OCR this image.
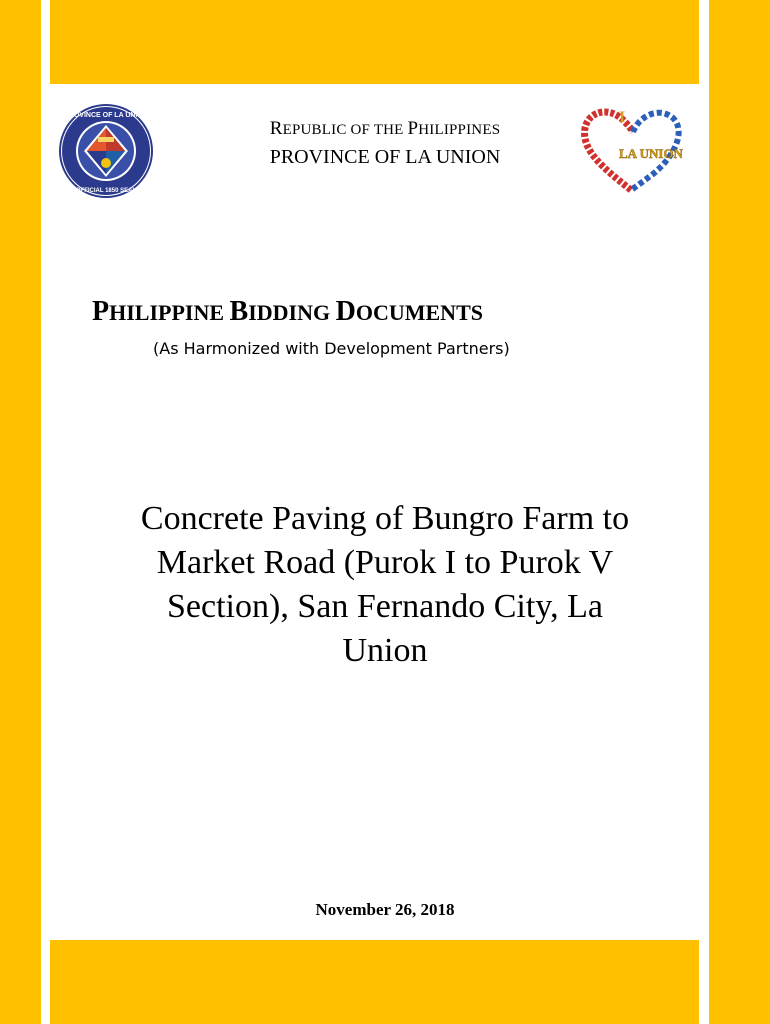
PROVINCE OF LA UNION
OFFICIAL 1850 SEAL
REPUBLIC OF THE PHILIPPINES
PROVINCE OF LA UNION
I
LA UNION
PHILIPPINE BIDDING DOCUMENTS
(As Harmonized with Development Partners)
Concrete Paving of Bungro Farm to
Market Road (Purok I to Purok V
Section), San Fernando City, La
Union
November 26, 2018
